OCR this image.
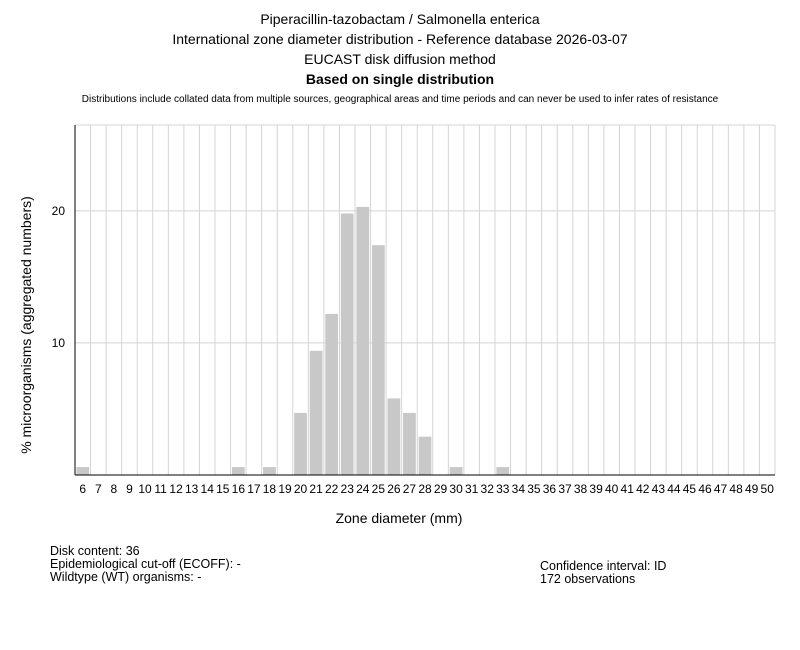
Piperacillin-tazobactam / Salmonella enterica
International zone diameter distribution - Reference database 2026-03-07
EUCAST disk diffusion method
Based on single distribution
Distributions include collated data from multiple sources, geographical areas and time periods and can never be used to infer rates of resistance
6 7 8 9 10 11 12 13 14 15 16 17 18 19 20 21 22 23 24 25 26 27 28 29 30 31 32 33 34 35 36 37 38 39 40 41 42 43 44 45 46 47 48 49 50
10
20
Zone diameter (mm)
% microorganisms (aggregated numbers)
Disk content: 36
Epidemiological cut-off (ECOFF): -
Wildtype (WT) organisms: -
Confidence interval: ID
172 observations
